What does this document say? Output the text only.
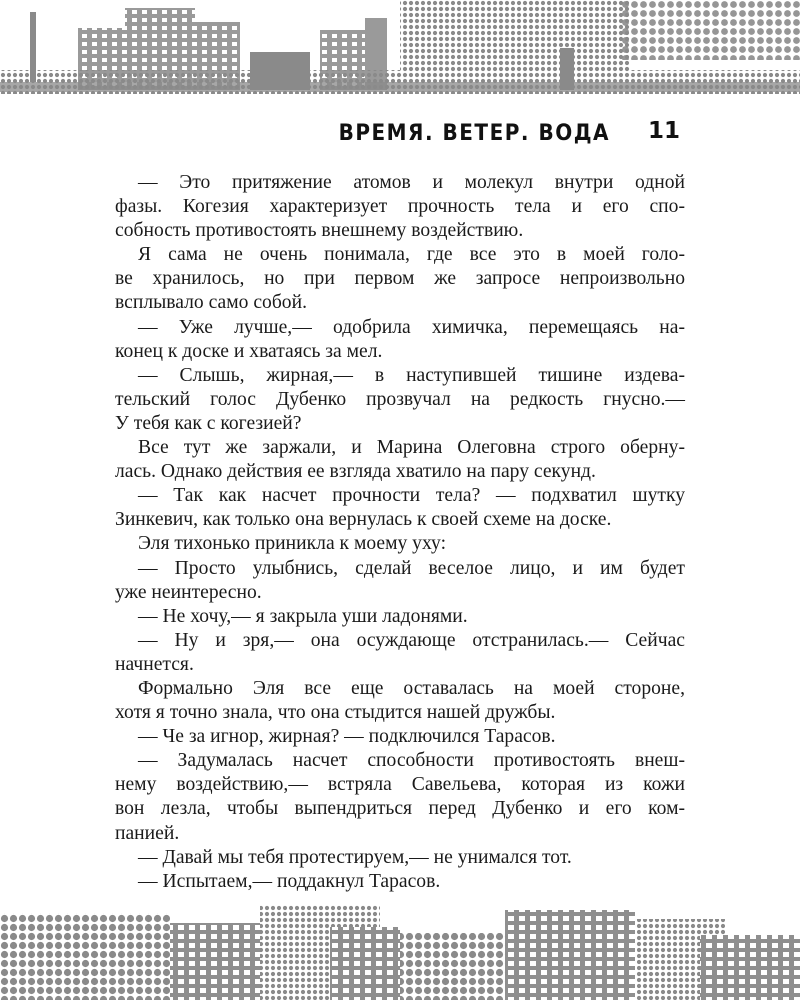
ВРЕМЯ. ВЕТЕР. ВОДА 11
— Это притяжение атомов и молекул внутри одной
фазы. Когезия характеризует прочность тела и его спо-
собность противостоять внешнему воздействию.
Я сама не очень понимала, где все это в моей голо-
ве хранилось, но при первом же запросе непроизвольно
всплывало само собой.
— Уже лучше,— одобрила химичка, перемещаясь на-
конец к доске и хватаясь за мел.
— Слышь, жирная,— в наступившей тишине издева-
тельский голос Дубенко прозвучал на редкость гнусно.—
У тебя как с когезией?
Все тут же заржали, и Марина Олеговна строго оберну-
лась. Однако действия ее взгляда хватило на пару секунд.
— Так как насчет прочности тела? — подхватил шутку
Зинкевич, как только она вернулась к своей схеме на доске.
Эля тихонько приникла к моему уху:
— Просто улыбнись, сделай веселое лицо, и им будет
уже неинтересно.
— Не хочу,— я закрыла уши ладонями.
— Ну и зря,— она осуждающе отстранилась.— Сейчас
начнется.
Формально Эля все еще оставалась на моей стороне,
хотя я точно знала, что она стыдится нашей дружбы.
— Че за игнор, жирная? — подключился Тарасов.
— Задумалась насчет способности противостоять внеш-
нему воздействию,— встряла Савельева, которая из кожи
вон лезла, чтобы выпендриться перед Дубенко и его ком-
панией.
— Давай мы тебя протестируем,— не унимался тот.
— Испытаем,— поддакнул Тарасов.
